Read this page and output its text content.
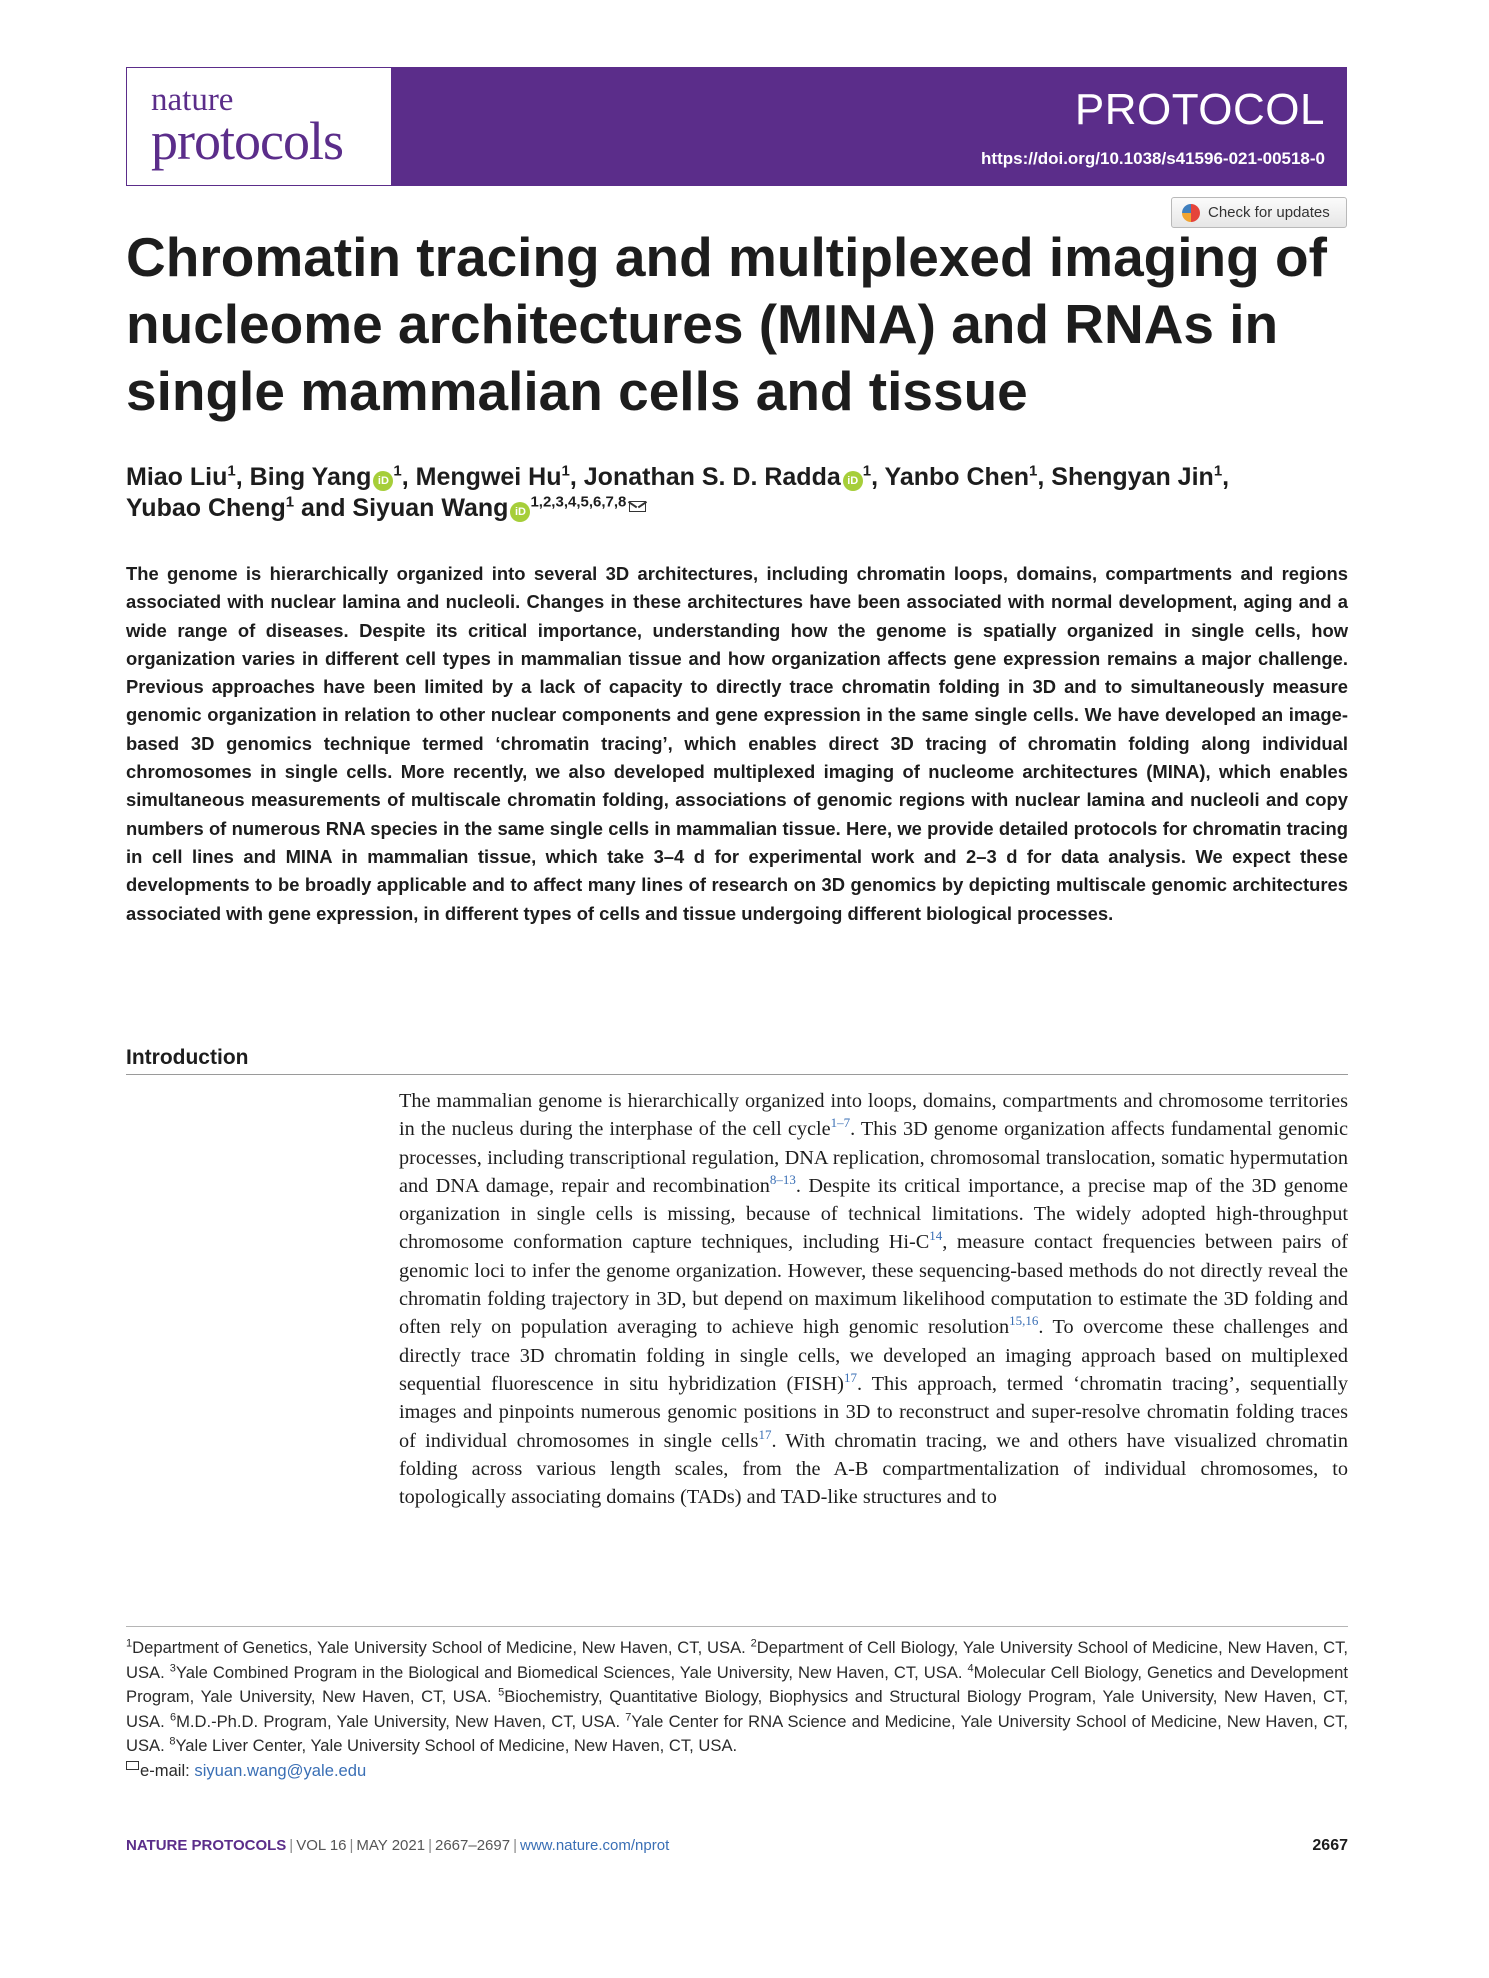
nature
protocols
PROTOCOL
https://doi.org/10.1038/s41596-021-00518-0
Check for updates
Chromatin tracing and multiplexed imaging of nucleome architectures (MINA) and RNAs in single mammalian cells and tissue
Miao Liu$^1$, Bing Yang $iD^1$, Mengwei Hu$^1$, Jonathan S. D. Radda $iD^1$, Yanbo Chen$^1$, Shengyan Jin$^1$,
Yubao Cheng$^1$ and Siyuan Wang iD$^{1,2,3,4,5,6,7,8}$

The genome is hierarchically organized into several 3D architectures, including chromatin loops, domains, compartments and regions associated with nuclear lamina and nucleoli. Changes in these architectures have been associated with normal development, aging and a wide range of diseases. Despite its critical importance, understanding how the genome is spatially organized in single cells, how organization varies in different cell types in mammalian tissue and how organization affects gene expression remains a major challenge. Previous approaches have been limited by a lack of capacity to directly trace chromatin folding in 3D and to simultaneously measure genomic organization in relation to other nuclear components and gene expression in the same single cells. We have developed an image-based 3D genomics technique termed ‘chromatin tracing’, which enables direct 3D tracing of chromatin folding along individual chromosomes in single cells. More recently, we also developed multiplexed imaging of nucleome architectures (MINA), which enables simultaneous measurements of multiscale chromatin folding, associations of genomic regions with nuclear lamina and nucleoli and copy numbers of numerous RNA species in the same single cells in mammalian tissue. Here, we provide detailed protocols for chromatin tracing in cell lines and MINA in mammalian tissue, which take 3–4 d for experimental work and 2–3 d for data analysis. We expect these developments to be broadly applicable and to affect many lines of research on 3D genomics by depicting multiscale genomic architectures associated with gene expression, in different types of cells and tissue undergoing different biological processes.

Introduction

The mammalian genome is hierarchically organized into loops, domains, compartments and chromosome territories in the nucleus during the interphase of the cell cycle$^{1-7}$. This 3D genome organization affects fundamental genomic processes, including transcriptional regulation, DNA replication, chromosomal translocation, somatic hypermutation and DNA damage, repair and recombination$^{8-13}$. Despite its critical importance, a precise map of the 3D genome organization in single cells is missing, because of technical limitations. The widely adopted high-throughput chromosome conformation capture techniques, including Hi-C$^{14}$, measure contact frequencies between pairs of genomic loci to infer the genome organization. However, these sequencing-based methods do not directly reveal the chromatin folding trajectory in 3D, but depend on maximum likelihood computation to estimate the 3D folding and often rely on population averaging to achieve high genomic resolution$^{15,16}$. To overcome these challenges and directly trace 3D chromatin folding in single cells, we developed an imaging approach based on multiplexed sequential fluorescence in situ hybridization (FISH)$^{17}$. This approach, termed ‘chromatin tracing’, sequentially images and pinpoints numerous genomic positions in 3D to reconstruct and super-resolve chromatin folding traces of individual chromosomes in single cells$^{17}$. With chromatin tracing, we and others have visualized chromatin folding across various length scales, from the A-B compartmentalization of individual chromosomes, to topologically associating domains (TADs) and TAD-like structures and to

$^1$Department of Genetics, Yale University School of Medicine, New Haven, CT, USA. $^2$Department of Cell Biology, Yale University School of Medicine, New Haven, CT, USA. $^3$Yale Combined Program in the Biological and Biomedical Sciences, Yale University, New Haven, CT, USA. $^4$Molecular Cell Biology, Genetics and Development Program, Yale University, New Haven, CT, USA. $^5$Biochemistry, Quantitative Biology, Biophysics and Structural Biology Program, Yale University, New Haven, CT, USA. $^6$M.D.-Ph.D. Program, Yale University, New Haven, CT, USA. $^7$Yale Center for RNA Science and Medicine, Yale University School of Medicine, New Haven, CT, USA. $^8$Yale Liver Center, Yale University School of Medicine, New Haven, CT, USA.
e-mail: siyuan.wang@yale.edu

NATURE PROTOCOLS | VOL 16 | MAY 2021 | 2667–2697 | www.nature.com/nprot	2667
